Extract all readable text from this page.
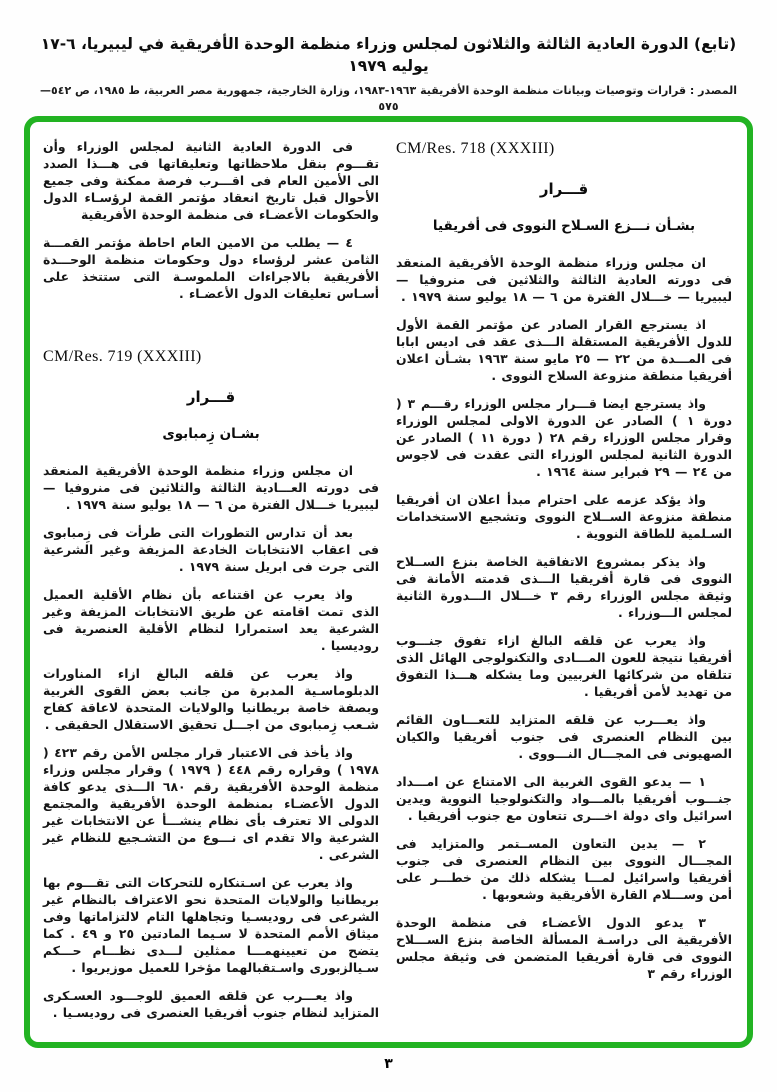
(تابع) الدورة العادية الثالثة والثلاثون لمجلس وزراء منظمة الوحدة الأفريقية في ليبيريا، ٦-١٧ يوليه ١٩٧٩
المصدر : قرارات وتوصيات وبيانات منظمة الوحدة الأفريقية ١٩٦٣-١٩٨٣، وزارة الخارجية، جمهورية مصر العربية، ط ١٩٨٥، ص ٥٤٢—٥٧٥
CM/Res. 718 (XXXIII)
قـــرار
بشـأن نـــزع السـلاح النووى فى أفريقيا

ان مجلس وزراء منظمة الوحدة الأفريقية المنعقد فى دورته العادية الثالثة والثلاثين فى منروفيا — ليبيريا — خـــلال الفترة من ٦ — ١٨ يوليو سنة ١٩٧٩ .

اذ يسترجع القرار الصادر عن مؤتمر القمة الأول للدول الأفريقية المستقلة الـــذى عقد فى اديس ابابا فى المـــدة من ٢٢ — ٢٥ مايو سنة ١٩٦٣ بشـأن اعلان أفريقيا منطقة منزوعة السلاح النووى .

واذ يسترجع ايضا قـــرار مجلس الوزراء رقـــم ٣ ( دورة ١ ) الصادر عن الدورة الاولى لمجلس الوزراء وقرار مجلس الوزراء رقم ٢٨ ( دورة ١١ ) الصادر عن الدورة الثانية لمجلس الوزراء التى عقدت فى لاجوس من ٢٤ — ٢٩ فبراير سنة ١٩٦٤ .

واذ يؤكد عزمه على احترام مبدأ اعلان ان أفريقيا منطقة منزوعة الســلاح النووى وتشجيع الاستخدامات السـلمية للطاقة النووية .

واذ يذكر بمشروع الاتفاقية الخاصة بنزع الســلاح النووى فى قارة أفريقيا الـــذى قدمته الأمانة فى وثيقة مجلس الوزراء رقم ٣ خـــلال الـــدورة الثانية لمجلس الـــوزراء .

واذ يعرب عن قلقه البالغ ازاء تفوق جنـــوب أفريقيا نتيجة للعون المـــادى والتكنولوجى الهائل الذى تتلقاه من شركائها الغربيين وما يشكله هـــذا التفوق من تهديد لأمن أفريقيا .

واذ يعـــرب عن قلقه المتزايد للتعـــاون القائم بين النظام العنصرى فى جنوب أفريقيا والكيان الصهيونى فى المجـــال النـــووى .

١ — يدعو القوى الغربية الى الامتناع عن امـــداد جنـــوب أفريقيا بالمـــواد والتكنولوجيا النووية ويدين اسرائيل واى دولة اخـــرى تتعاون مع جنوب أفريقيا .

٢ — يدين التعاون المســتمر والمتزايد فى المجـــال النووى بين النظام العنصرى فى جنوب أفريقيا واسرائيل لمـــا يشكله ذلك من خطـــر على أمن وســـلام القارة الأفريقية وشعوبها .

٣ يدعو الدول الأعضـاء فى منظمة الوحدة الأفريقية الى دراسـة المسألة الخاصة بنزع الســـلاح النووى فى قارة أفريقيا المتضمن فى وثيقة مجلس الوزراء رقم ٣

فى الدورة العادية الثانية لمجلس الوزراء وأن تقـــوم بنقل ملاحظاتها وتعليقاتها فى هـــذا الصدد الى الأمين العام فى اقـــرب فرصة ممكنة وفى جميع الأحوال قبل تاريخ انعقاد مؤتمر القمة لرؤسـاء الدول والحكومات الأعضـاء فى منظمة الوحدة الأفريقية

٤ — يطلب من الامين العام احاطة مؤتمر القمـــة الثامن عشر لرؤساء دول وحكومات منظمة الوحـــدة الأفريقية بالاجراءات الملموسـة التى ستتخذ على أسـاس تعليقات الدول الأعضـاء .

CM/Res. 719 (XXXIII)
قـــرار
بشـان زِمبابوى

ان مجلس وزراء منظمة الوحدة الأفريقية المنعقد فى دورته العـــادية الثالثة والثلاثين فى منروفيا — ليبيريا خـــلال الفترة من ٦ — ١٨ يوليو سنة ١٩٧٩ .

بعد أن تدارس التطورات التى طرأت فى زِمبابوى فى اعقاب الانتخابات الخادعة المزيفة وغير الشرعية التى جرت فى ابريل سنة ١٩٧٩ .

واذ يعرب عن اقتناعه بأن نظام الأقلية العميل الذى تمت اقامته عن طريق الانتخابات المزيفة وغير الشرعية يعد استمرارا لنظام الأقلية العنصرية فى روديسيا .

واذ يعرب عن قلقه البالغ ازاء المناورات الدبلوماسـية المدبرة من جانب بعض القوى الغربية وبصفة خاصة بريطانيا والولايات المتحدة لاعاقة كفاح شـعب زِمبابوى من اجـــل تحقيق الاستقلال الحقيقى .

واذ يأخذ فى الاعتبار قرار مجلس الأمن رقم ٤٢٣ ( ١٩٧٨ ) وقراره رقم ٤٤٨ ( ١٩٧٩ ) وقرار مجلس وزراء منظمة الوحدة الأفريقية رقم ٦٨٠ الـــذى يدعو كافة الدول الأعضـاء بمنظمة الوحدة الأفريقية والمجتمع الدولى الا تعترف بأى نظام ينشـــأ عن الانتخابات غير الشرعية والا تقدم اى نـــوع من التشـجيع للنظام غير الشرعى .

واذ يعرب عن اسـتنكاره للتحركات التى تقـــوم بها بريطانيا والولايات المتحدة نحو الاعتراف بالنظام غير الشرعى فى روديسـيا وتجاهلها التام لالتزاماتها وفى ميثاق الأمم المتحدة لا سـيما المادتين ٢٥ و ٤٩ . كما يتضح من تعيينهمـــا ممثلين لـــدى نظـــام حـــكم سـيالزبورى واسـتقبالهما مؤخرا للعميل موزيريوا .

واذ يعـــرب عن قلقه العميق للوجـــود العسـكرى المتزايد لنظام جنوب أفريقيا العنصرى فى روديسـيا .

٣
